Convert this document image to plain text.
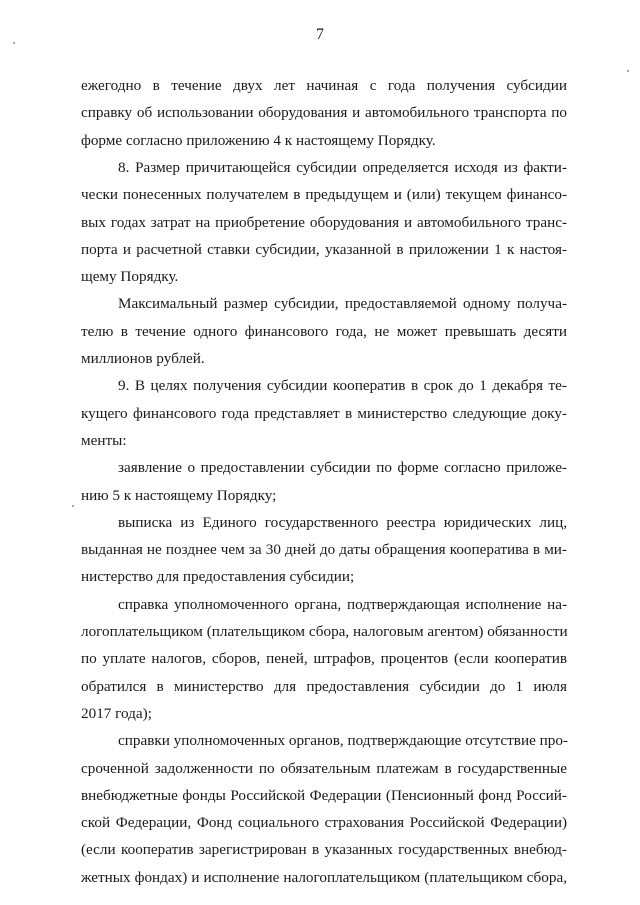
7
ежегодно в течение двух лет начиная с года получения субсидии
справку об использовании оборудования и автомобильного транспорта по
форме согласно приложению 4 к настоящему Порядку.
8. Размер причитающейся субсидии определяется исходя из факти-
чески понесенных получателем в предыдущем и (или) текущем финансо-
вых годах затрат на приобретение оборудования и автомобильного транс-
порта и расчетной ставки субсидии, указанной в приложении 1 к настоя-
щему Порядку.
Максимальный размер субсидии, предоставляемой одному получа-
телю в течение одного финансового года, не может превышать десяти
миллионов рублей.
9. В целях получения субсидии кооператив в срок до 1 декабря те-
кущего финансового года представляет в министерство следующие доку-
менты:
заявление о предоставлении субсидии по форме согласно приложе-
нию 5 к настоящему Порядку;
выписка из Единого государственного реестра юридических лиц,
выданная не позднее чем за 30 дней до даты обращения кооператива в ми-
нистерство для предоставления субсидии;
справка уполномоченного органа, подтверждающая исполнение на-
логоплательщиком (плательщиком сбора, налоговым агентом) обязанности
по уплате налогов, сборов, пеней, штрафов, процентов (если кооператив
обратился в министерство для предоставления субсидии до 1 июля
2017 года);
справки уполномоченных органов, подтверждающие отсутствие про-
сроченной задолженности по обязательным платежам в государственные
внебюджетные фонды Российской Федерации (Пенсионный фонд Россий-
ской Федерации, Фонд социального страхования Российской Федерации)
(если кооператив зарегистрирован в указанных государственных внебюд-
жетных фондах) и исполнение налогоплательщиком (плательщиком сбора,
